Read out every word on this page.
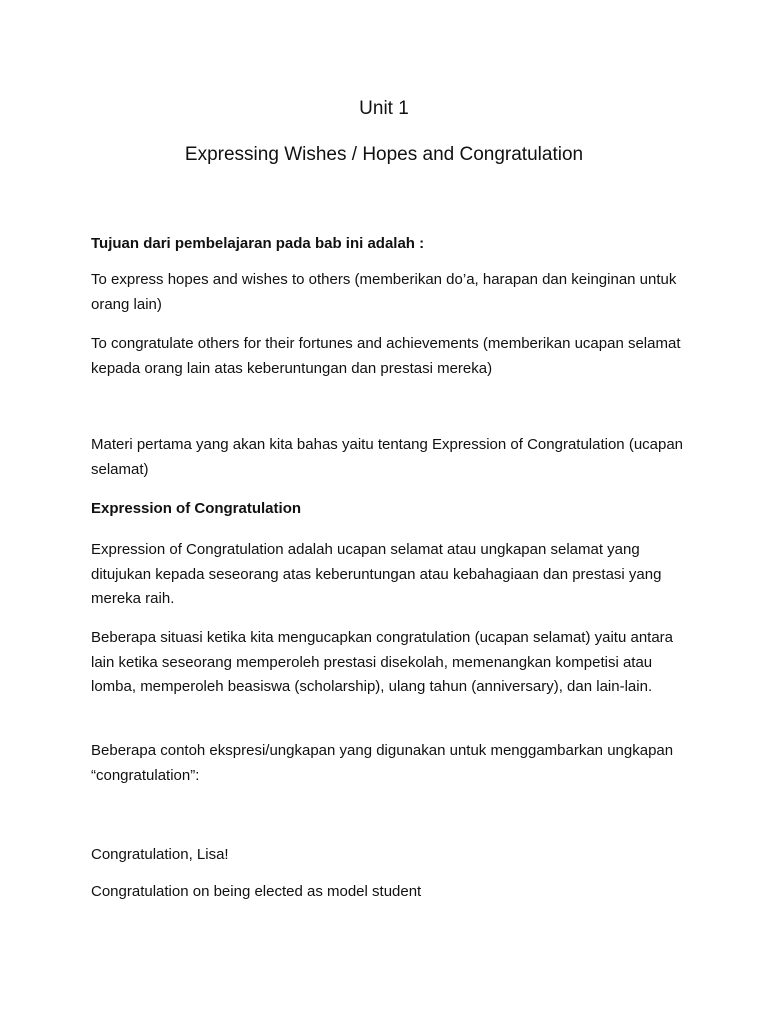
Unit 1
Expressing Wishes / Hopes and Congratulation

Tujuan dari pembelajaran pada bab ini adalah :

To express hopes and wishes to others (memberikan do’a, harapan dan keinginan untuk orang lain)

To congratulate others for their fortunes and achievements (memberikan ucapan selamat kepada orang lain atas keberuntungan dan prestasi mereka)

Materi pertama yang akan kita bahas yaitu tentang Expression of Congratulation (ucapan selamat)

Expression of Congratulation

Expression of Congratulation adalah ucapan selamat atau ungkapan selamat yang ditujukan kepada seseorang atas keberuntungan atau kebahagiaan dan prestasi yang mereka raih.

Beberapa situasi ketika kita mengucapkan congratulation (ucapan selamat) yaitu antara lain ketika seseorang memperoleh prestasi disekolah, memenangkan kompetisi atau lomba, memperoleh beasiswa (scholarship), ulang tahun (anniversary), dan lain-lain.

Beberapa contoh ekspresi/ungkapan yang digunakan untuk menggambarkan ungkapan “congratulation”:

Congratulation, Lisa!

Congratulation on being elected as model student
